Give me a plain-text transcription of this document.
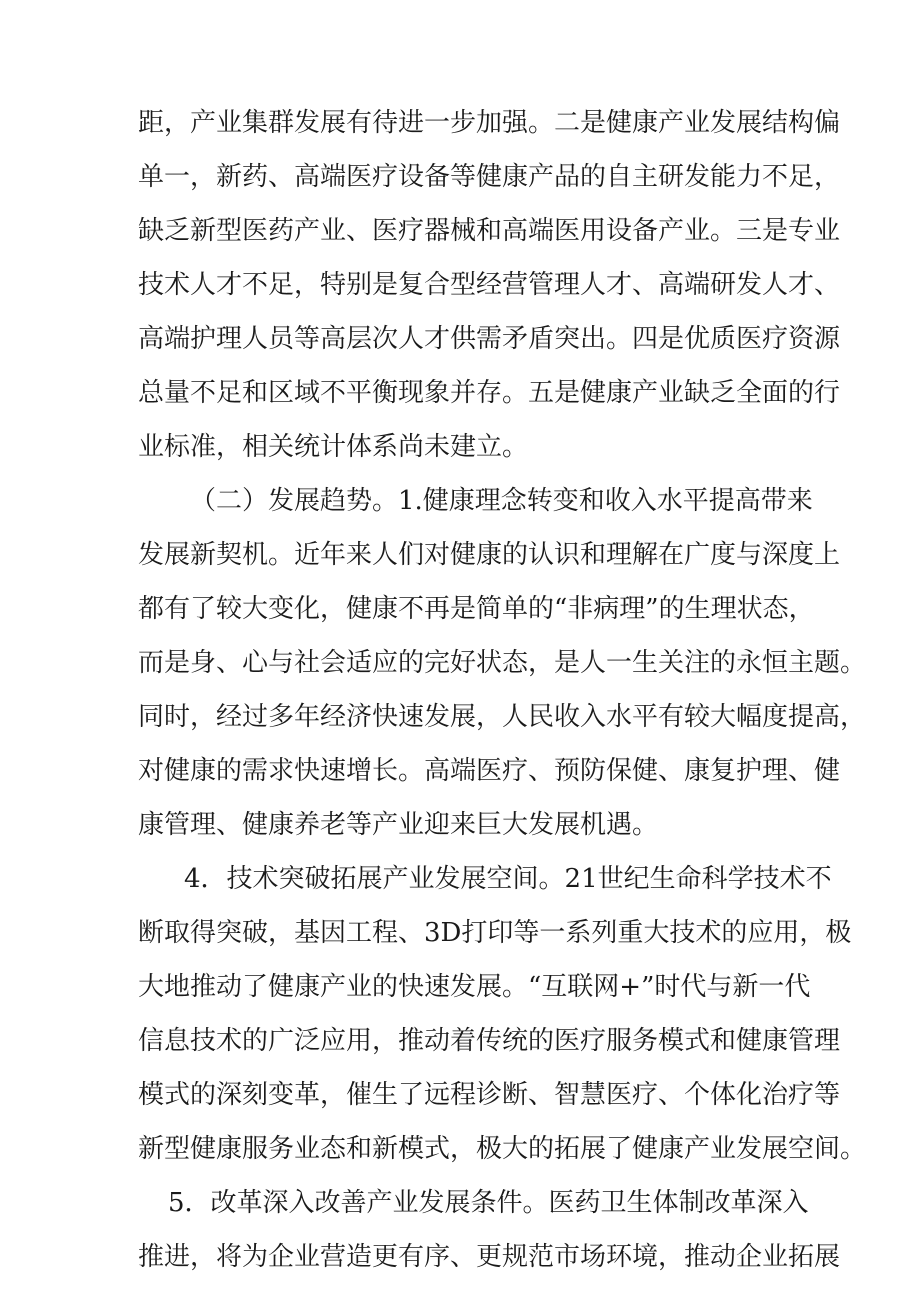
距，产业集群发展有待进一步加强。二是健康产业发展结构偏
单一，新药、高端医疗设备等健康产品的自主研发能力不足，
缺乏新型医药产业、医疗器械和高端医用设备产业。三是专业
技术人才不足，特别是复合型经营管理人才、高端研发人才、
高端护理人员等高层次人才供需矛盾突出。四是优质医疗资源
总量不足和区域不平衡现象并存。五是健康产业缺乏全面的行
业标准，相关统计体系尚未建立。
（二）发展趋势。1.健康理念转变和收入水平提高带来
发展新契机。近年来人们对健康的认识和理解在广度与深度上
都有了较大变化，健康不再是简单的“非病理”的生理状态，
而是身、心与社会适应的完好状态，是人一生关注的永恒主题。
同时，经过多年经济快速发展，人民收入水平有较大幅度提高，
对健康的需求快速增长。高端医疗、预防保健、康复护理、健
康管理、健康养老等产业迎来巨大发展机遇。
4．技术突破拓展产业发展空间。21世纪生命科学技术不
断取得突破，基因工程、3D打印等一系列重大技术的应用，极
大地推动了健康产业的快速发展。“互联网+”时代与新一代
信息技术的广泛应用，推动着传统的医疗服务模式和健康管理
模式的深刻变革，催生了远程诊断、智慧医疗、个体化治疗等
新型健康服务业态和新模式，极大的拓展了健康产业发展空间。
5．改革深入改善产业发展条件。医药卫生体制改革深入
推进，将为企业营造更有序、更规范市场环境，推动企业拓展
